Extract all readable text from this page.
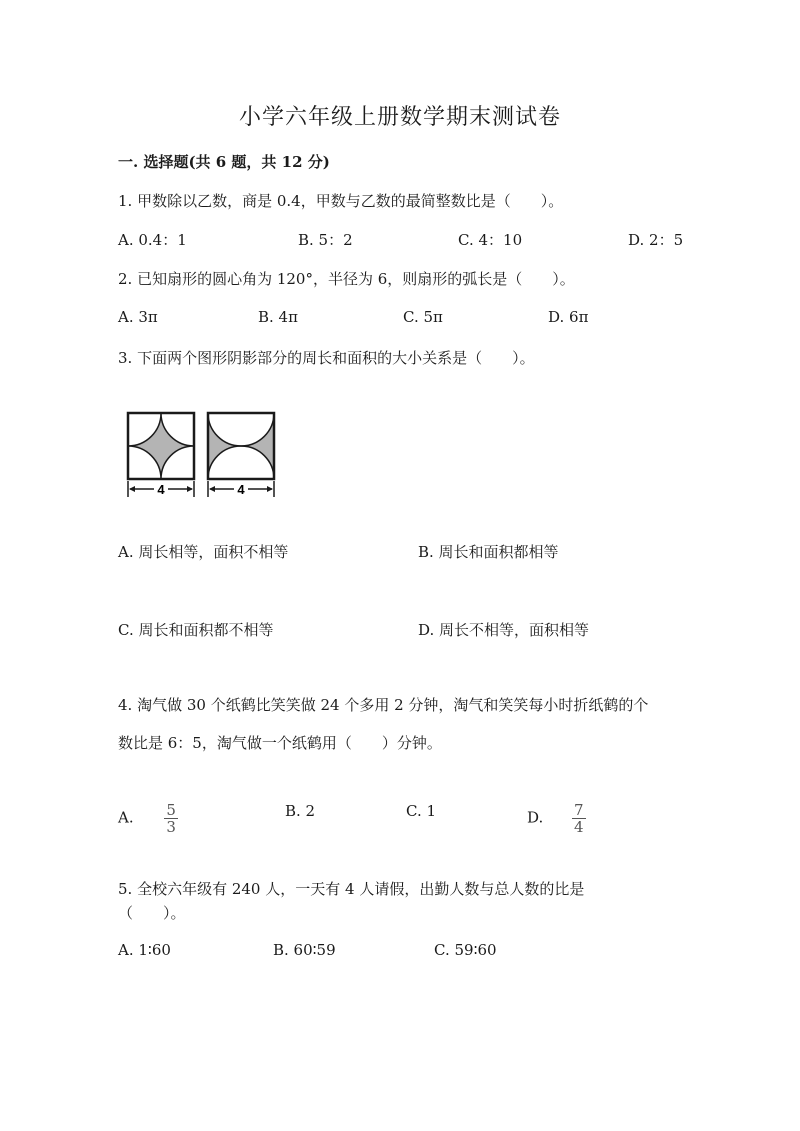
小学六年级上册数学期末测试卷
一. 选择题(共 6 题，共 12 分)
1. 甲数除以乙数，商是 0.4，甲数与乙数的最简整数比是（　　）。
A. 0.4：1	B. 5：2	C. 4：10	D. 2：5
2. 已知扇形的圆心角为 120°，半径为 6，则扇形的弧长是（　　）。
A. 3π	B. 4π	C. 5π	D. 6π
3. 下面两个图形阴影部分的周长和面积的大小关系是（　　）。
4	4
A. 周长相等，面积不相等	B. 周长和面积都相等
C. 周长和面积都不相等	D. 周长不相等，面积相等
4. 淘气做 30 个纸鹤比笑笑做 24 个多用 2 分钟，淘气和笑笑每小时折纸鹤的个
数比是 6：5，淘气做一个纸鹤用（　　）分钟。
A. $\frac{5}{3}$	B. 2	C. 1	D. $\frac{7}{4}$
5. 全校六年级有 240 人，一天有 4 人请假，出勤人数与总人数的比是
（　　）。
A. 1∶60	B. 60∶59	C. 59∶60
